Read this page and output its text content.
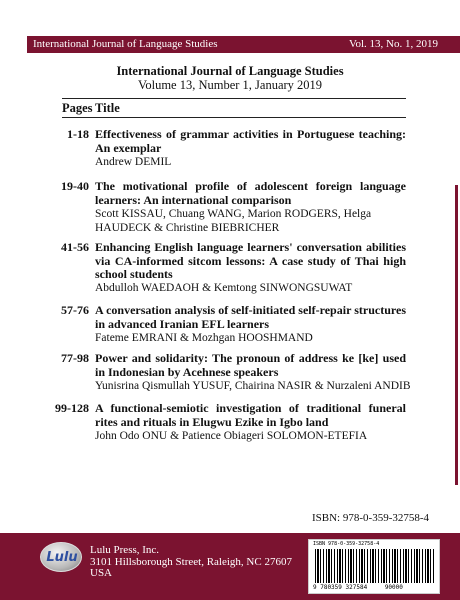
International Journal of Language Studies	Vol. 13, No. 1, 2019
International Journal of Language Studies
Volume 13, Number 1, January 2019
Pages Title
1-18 Effectiveness of grammar activities in Portuguese teaching: An exemplar
Andrew DEMIL
19-40 The motivational profile of adolescent foreign language learners: An international comparison
Scott KISSAU, Chuang WANG, Marion RODGERS, Helga HAUDECK & Christine BIEBRICHER
41-56 Enhancing English language learners' conversation abilities via CA-informed sitcom lessons: A case study of Thai high school students
Abdulloh WAEDAOH & Kemtong SINWONGSUWAT
57-76 A conversation analysis of self-initiated self-repair structures in advanced Iranian EFL learners
Fateme EMRANI & Mozhgan HOOSHMAND
77-98 Power and solidarity: The pronoun of address ke [ke] used in Indonesian by Acehnese speakers
Yunisrina Qismullah YUSUF, Chairina NASIR & Nurzaleni ANDIB
99-128 A functional-semiotic investigation of traditional funeral rites and rituals in Elugwu Ezike in Igbo land
John Odo ONU & Patience Obiageri SOLOMON-ETEFIA
ISBN: 978-0-359-32758-4
Lulu	Lulu Press, Inc.
3101 Hillsborough Street, Raleigh, NC 27607
USA
ISBN 978-0-359-32758-4
9 780359 327584	90000
